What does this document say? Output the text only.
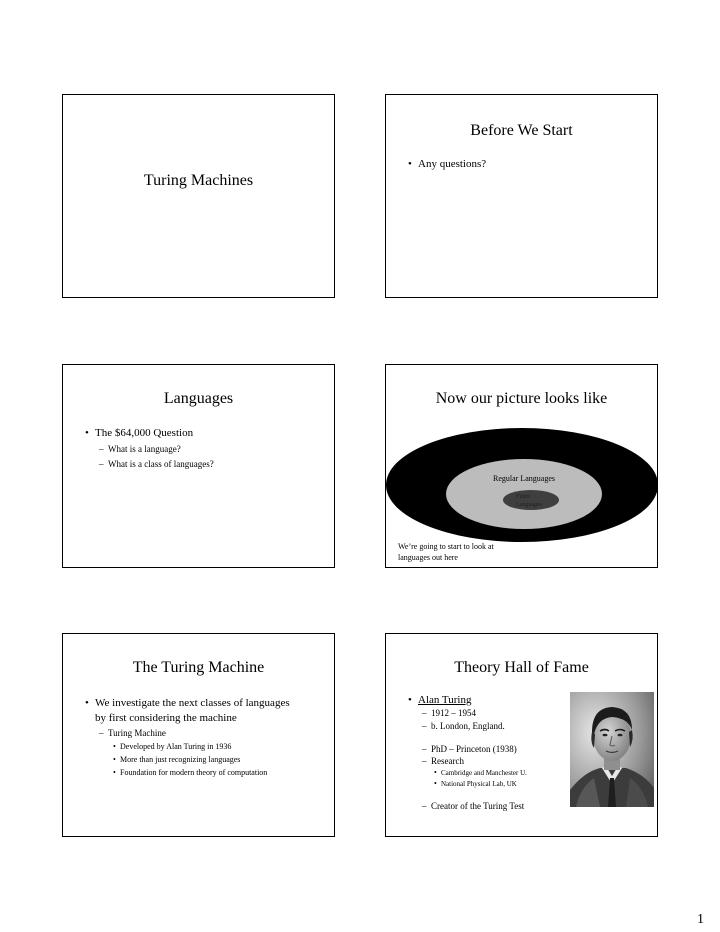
Turing Machines
Before We Start
• Any questions?
Languages
• The $64,000 Question
– What is a language?
– What is a class of languages?
Now our picture looks like
Regular Languages
Finite
Languages
We’re going to start to look at
languages out here
The Turing Machine
• We investigate the next classes of languages
by first considering the machine
– Turing Machine
• Developed by Alan Turing in 1936
• More than just recognizing languages
• Foundation for modern theory of computation
Theory Hall of Fame
• Alan Turing
– 1912 – 1954
– b. London, England.
– PhD – Princeton (1938)
– Research
• Cambridge and Manchester U.
• National Physical Lab, UK
– Creator of the Turing Test
1
